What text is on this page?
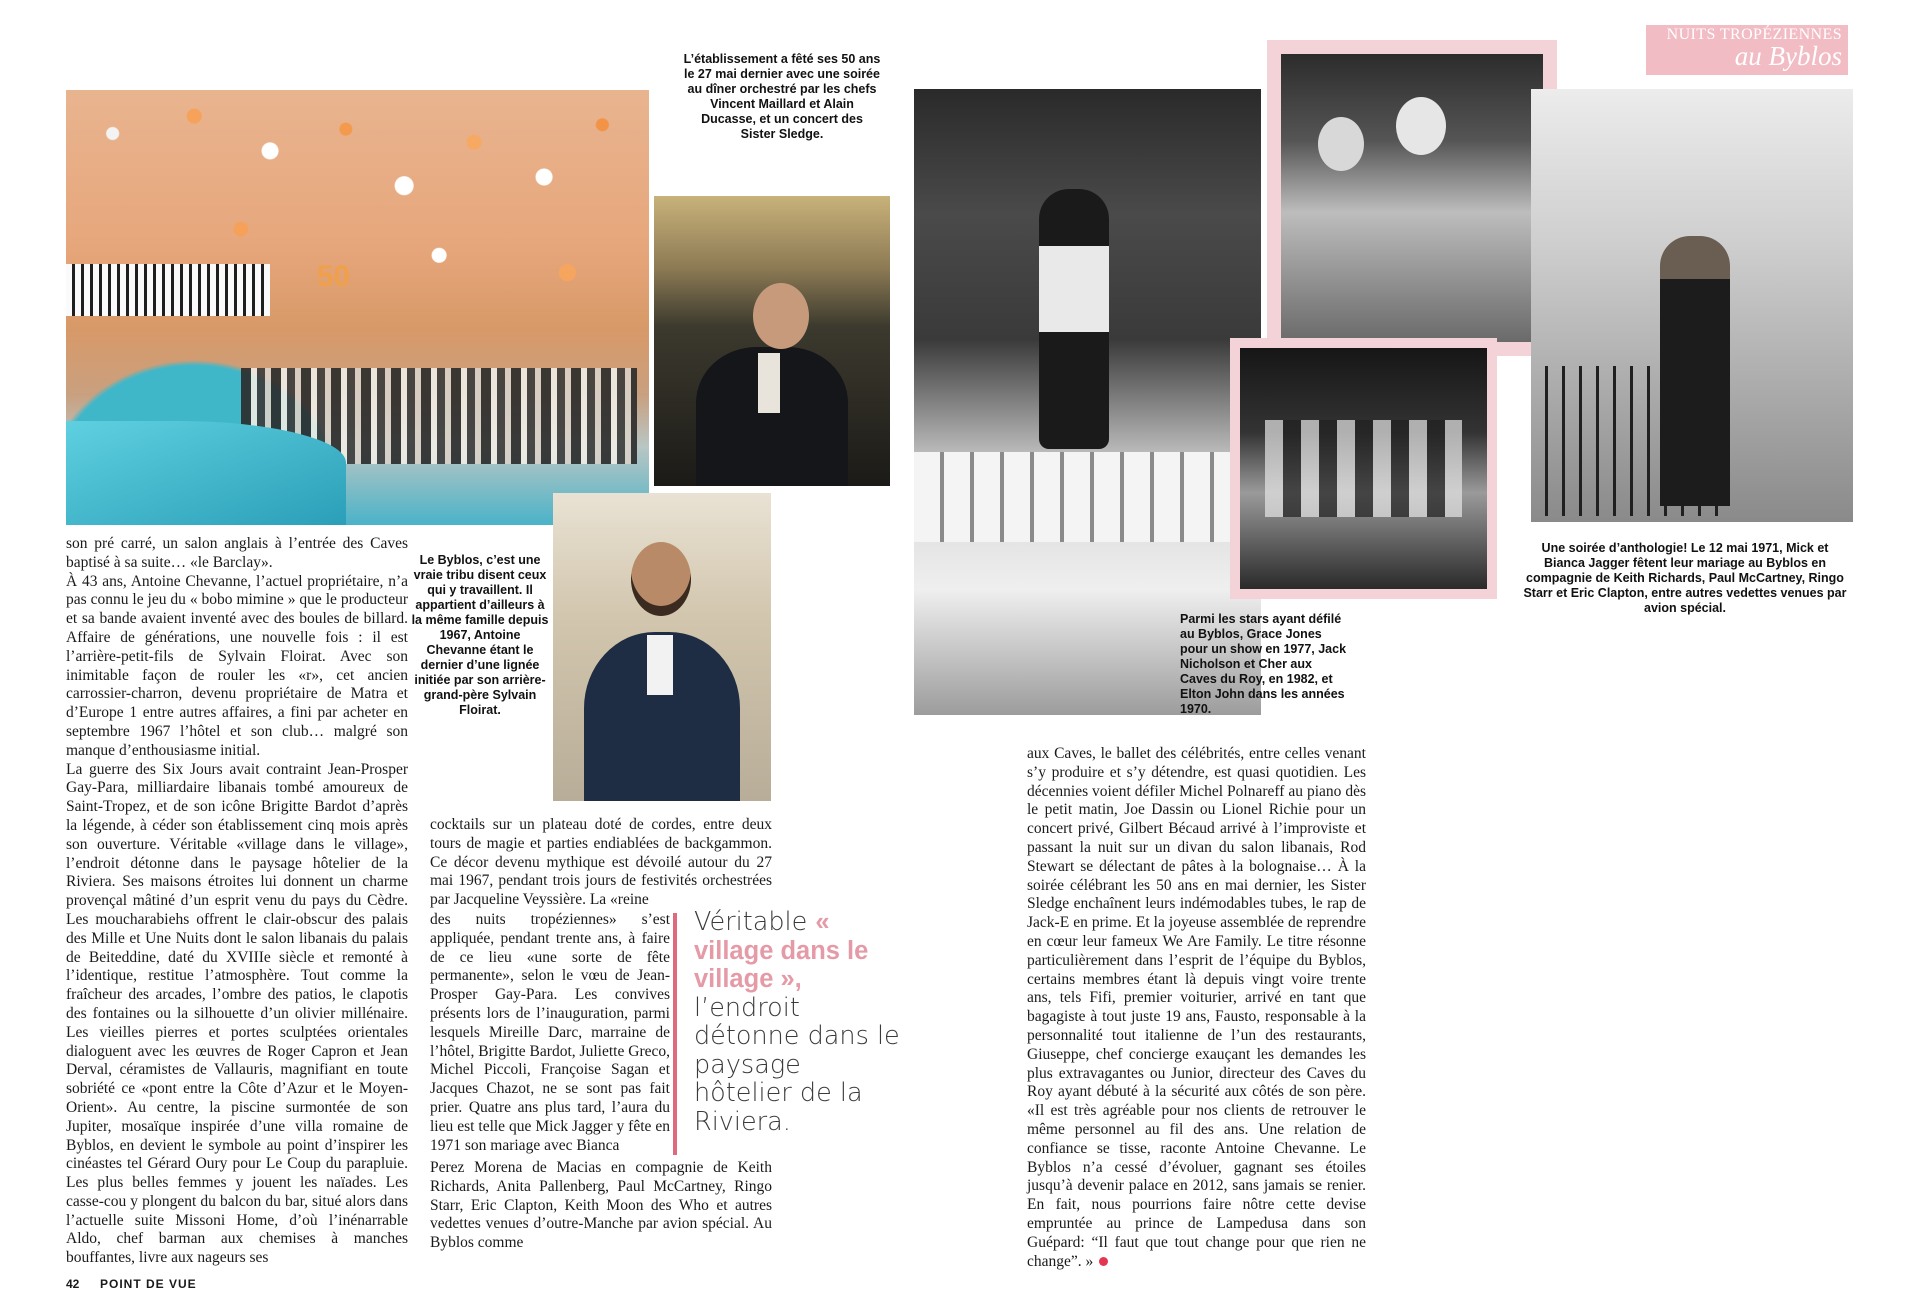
NUITS TROPÉZIENNES
au Byblos
50
L’établissement a fêté ses 50 ans le 27 mai dernier avec une soirée au dîner orchestré par les chefs Vincent Maillard et Alain Ducasse, et un concert des Sister Sledge.
Le Byblos, c’est une vraie tribu disent ceux qui y travaillent. Il appartient d’ailleurs à la même famille depuis 1967, Antoine Chevanne étant le dernier d’une lignée initiée par son arrière-grand-père Sylvain Floirat.
Parmi les stars ayant défilé au Byblos, Grace Jones pour un show en 1977, Jack Nicholson et Cher aux Caves du Roy, en 1982, et Elton John dans les années 1970.
Une soirée d’anthologie! Le 12 mai 1971, Mick et Bianca Jagger fêtent leur mariage au Byblos en compagnie de Keith Richards, Paul McCartney, Ringo Starr et Eric Clapton, entre autres vedettes venues par avion spécial.

son pré carré, un salon anglais à l’entrée des Caves baptisé à sa suite… «le Barclay».

À 43 ans, Antoine Chevanne, l’actuel propriétaire, n’a pas connu le jeu du « bobo mimine » que le producteur et sa bande avaient inventé avec des boules de billard. Affaire de générations, une nouvelle fois : il est l’arrière-petit-fils de Sylvain Floirat. Avec son inimitable façon de rouler les «r», cet ancien carrossier-charron, devenu propriétaire de Matra et d’Europe 1 entre autres affaires, a fini par acheter en septembre 1967 l’hôtel et son club… malgré son manque d’enthousiasme initial.

La guerre des Six Jours avait contraint Jean-Prosper Gay-Para, milliardaire libanais tombé amoureux de Saint-Tropez, et de son icône Brigitte Bardot d’après la légende, à céder son établissement cinq mois après son ouverture. Véritable «village dans le village», l’endroit détonne dans le paysage hôtelier de la Riviera. Ses maisons étroites lui donnent un charme provençal mâtiné d’un esprit venu du pays du Cèdre. Les moucharabiehs offrent le clair-obscur des palais des Mille et Une Nuits dont le salon libanais du palais de Beiteddine, daté du XVIIIe siècle et remonté à l’identique, restitue l’atmosphère. Tout comme la fraîcheur des arcades, l’ombre des patios, le clapotis des fontaines ou la silhouette d’un olivier millénaire. Les vieilles pierres et portes sculptées orientales dialoguent avec les œuvres de Roger Capron et Jean Derval, céramistes de Vallauris, magnifiant en toute sobriété ce «pont entre la Côte d’Azur et le Moyen-Orient». Au centre, la piscine surmontée de son Jupiter, mosaïque inspirée d’une villa romaine de Byblos, en devient le symbole au point d’inspirer les cinéastes tel Gérard Oury pour Le Coup du parapluie. Les plus belles femmes y jouent les naïades. Les casse-cou y plongent du balcon du bar, situé alors dans l’actuelle suite Missoni Home, d’où l’inénarrable Aldo, chef barman aux chemises à manches bouffantes, livre aux nageurs ses

cocktails sur un plateau doté de cordes, entre deux tours de magie et parties endiablées de backgammon. Ce décor devenu mythique est dévoilé autour du 27 mai 1967, pendant trois jours de festivités orchestrées par Jacqueline Veyssière. La «reine

des nuits tropéziennes» s’est appliquée, pendant trente ans, à faire de ce lieu «une sorte de fête permanente», selon le vœu de Jean-Prosper Gay-Para. Les convives présents lors de l’inauguration, parmi lesquels Mireille Darc, marraine de l’hôtel, Brigitte Bardot, Juliette Greco, Michel Piccoli, Françoise Sagan et Jacques Chazot, ne se sont pas fait prier. Quatre ans plus tard, l’aura du lieu est telle que Mick Jagger y fête en 1971 son mariage avec Bianca

Perez Morena de Macias en compagnie de Keith Richards, Anita Pallenberg, Paul McCartney, Ringo Starr, Eric Clapton, Keith Moon des Who et autres vedettes venues d’outre-Manche par avion spécial. Au Byblos comme

Véritable « village dans le village », l’endroit détonne dans le paysage hôtelier de la Riviera.

aux Caves, le ballet des célébrités, entre celles venant s’y produire et s’y détendre, est quasi quotidien. Les décennies voient défiler Michel Polnareff au piano dès le petit matin, Joe Dassin ou Lionel Richie pour un concert privé, Gilbert Bécaud arrivé à l’improviste et passant la nuit sur un divan du salon libanais, Rod Stewart se délectant de pâtes à la bolognaise… À la soirée célébrant les 50 ans en mai dernier, les Sister Sledge enchaînent leurs indémodables tubes, le rap de Jack-E en prime. Et la joyeuse assemblée de reprendre en cœur leur fameux We Are Family. Le titre résonne particulièrement dans l’esprit de l’équipe du Byblos, certains membres étant là depuis vingt voire trente ans, tels Fifi, premier voiturier, arrivé en tant que bagagiste à tout juste 19 ans, Fausto, responsable à la personnalité tout italienne de l’un des restaurants, Giuseppe, chef concierge exauçant les demandes les plus extravagantes ou Junior, directeur des Caves du Roy ayant débuté à la sécurité aux côtés de son père. «Il est très agréable pour nos clients de retrouver le même personnel au fil des ans. Une relation de confiance se tisse, raconte Antoine Chevanne. Le Byblos n’a cessé d’évoluer, gagnant ses étoiles jusqu’à devenir palace en 2012, sans jamais se renier. En fait, nous pourrions faire nôtre cette devise empruntée au prince de Lampedusa dans son Guépard: “Il faut que tout change pour que rien ne change”. »

42 POINT DE VUE
